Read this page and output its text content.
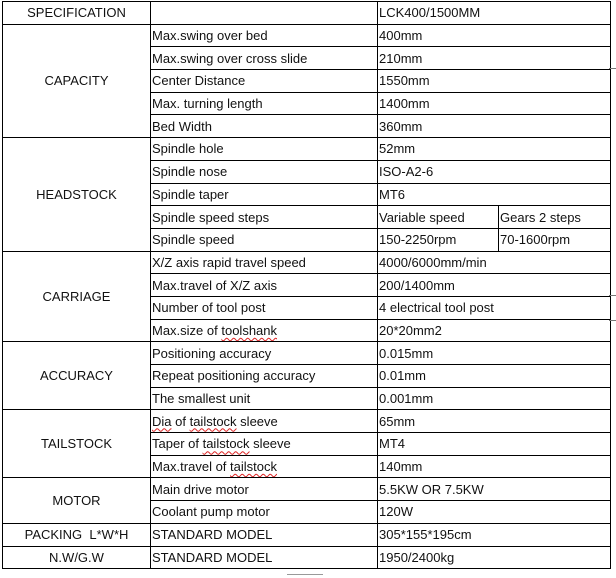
SPECIFICATION		LCK400/1500MM	
CAPACITY	Max.swing over bed	400mm	
	Max.swing over cross slide	210mm	
	Center Distance	1550mm	
	Max. turning length	1400mm	
	Bed Width	360mm	
HEADSTOCK	Spindle hole	52mm	
	Spindle nose	ISO-A2-6	
	Spindle taper	MT6	
	Spindle speed steps	Variable speed	Gears 2 steps
	Spindle speed	150-2250rpm	70-1600rpm
CARRIAGE	X/Z axis rapid travel speed	4000/6000mm/min	
	Max.travel of X/Z axis	200/1400mm	
	Number of tool post	4 electrical tool post	
	Max.size of toolshank	20*20mm2	
ACCURACY	Positioning accuracy	0.015mm	
	Repeat positioning accuracy	0.01mm	
	The smallest unit	0.001mm	
TAILSTOCK	Dia of tailstock sleeve	65mm	
	Taper of tailstock sleeve	MT4	
	Max.travel of tailstock	140mm	
MOTOR	Main drive motor	5.5KW OR 7.5KW	
	Coolant pump motor	120W	
PACKING  L*W*H	STANDARD MODEL	305*155*195cm	
N.W/G.W	STANDARD MODEL	1950/2400kg	
